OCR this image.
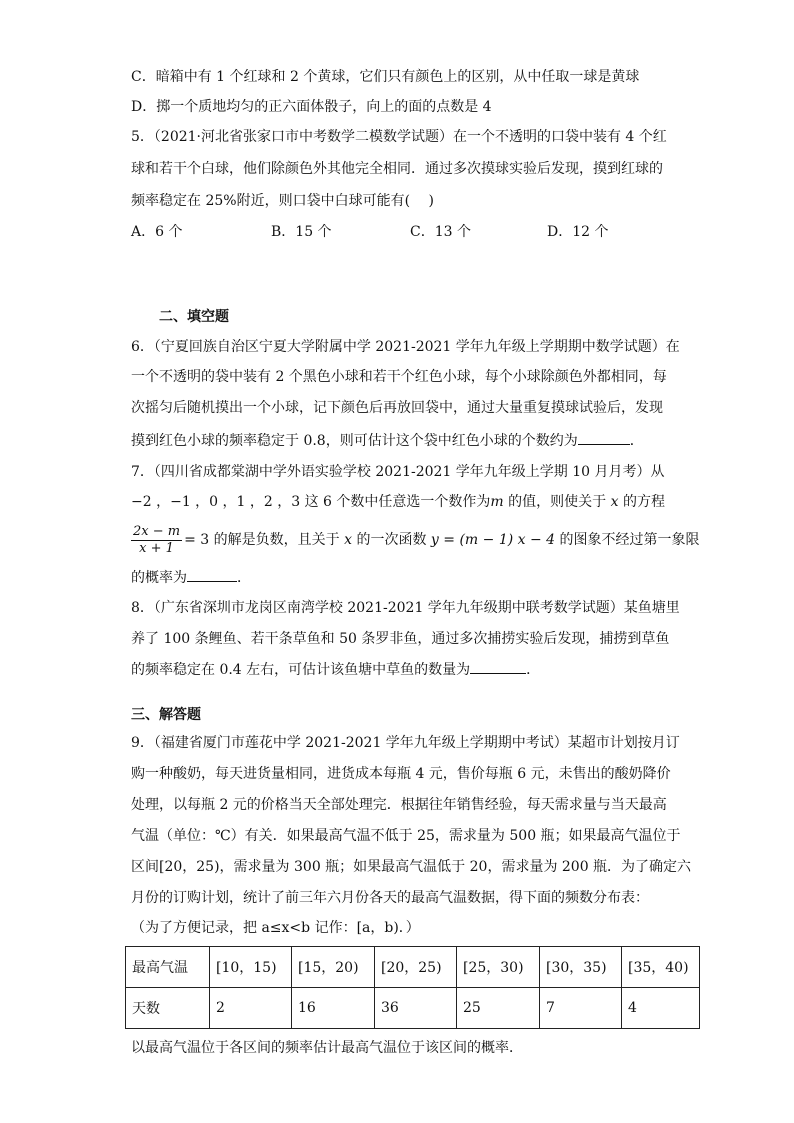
C．暗箱中有 1 个红球和 2 个黄球，它们只有颜色上的区别，从中任取一球是黄球
D．掷一个质地均匀的正六面体骰子，向上的面的点数是 4
5．（2021·河北省张家口市中考数学二模数学试题）在一个不透明的口袋中装有 4 个红
球和若干个白球，他们除颜色外其他完全相同．通过多次摸球实验后发现，摸到红球的
频率稳定在 25%附近，则口袋中白球可能有(　 )
A．6 个	B．15 个	C．13 个	D．12 个
二、填空题
6．（宁夏回族自治区宁夏大学附属中学 2021-2021 学年九年级上学期期中数学试题）在
一个不透明的袋中装有 2 个黑色小球和若干个红色小球，每个小球除颜色外都相同，每
次摇匀后随机摸出一个小球，记下颜色后再放回袋中，通过大量重复摸球试验后，发现
摸到红色小球的频率稳定于 0.8，则可估计这个袋中红色小球的个数约为	．
7．（四川省成都棠湖中学外语实验学校 2021-2021 学年九年级上学期 10 月月考）从
−2 ，−1 ，0 ，1 ，2 ，3 这 6 个数中任意选一个数作为m 的值，则使关于 x 的方程
$\frac{2x - m}{x + 1} = 3$ 的解是负数，且关于 x 的一次函数 y = (m − 1) x − 4 的图象不经过第一象限
的概率为	．
8．（广东省深圳市龙岗区南湾学校 2021-2021 学年九年级期中联考数学试题）某鱼塘里
养了 100 条鲤鱼、若干条草鱼和 50 条罗非鱼，通过多次捕捞实验后发现，捕捞到草鱼
的频率稳定在 0.4 左右，可估计该鱼塘中草鱼的数量为	．
三、解答题
9．（福建省厦门市莲花中学 2021-2021 学年九年级上学期期中考试）某超市计划按月订
购一种酸奶，每天进货量相同，进货成本每瓶 4 元，售价每瓶 6 元，未售出的酸奶降价
处理，以每瓶 2 元的价格当天全部处理完．根据往年销售经验，每天需求量与当天最高
气温（单位：℃）有关．如果最高气温不低于 25，需求量为 500 瓶；如果最高气温位于
区间[20，25)，需求量为 300 瓶；如果最高气温低于 20，需求量为 200 瓶．为了确定六
月份的订购计划，统计了前三年六月份各天的最高气温数据，得下面的频数分布表：
（为了方便记录，把 a≤x<b 记作：[a，b)．）
最高气温	[10，15)	[15，20)	[20，25)	[25，30)	[30，35)	[35，40)
天数	2	16	36	25	7	4
以最高气温位于各区间的频率估计最高气温位于该区间的概率．
